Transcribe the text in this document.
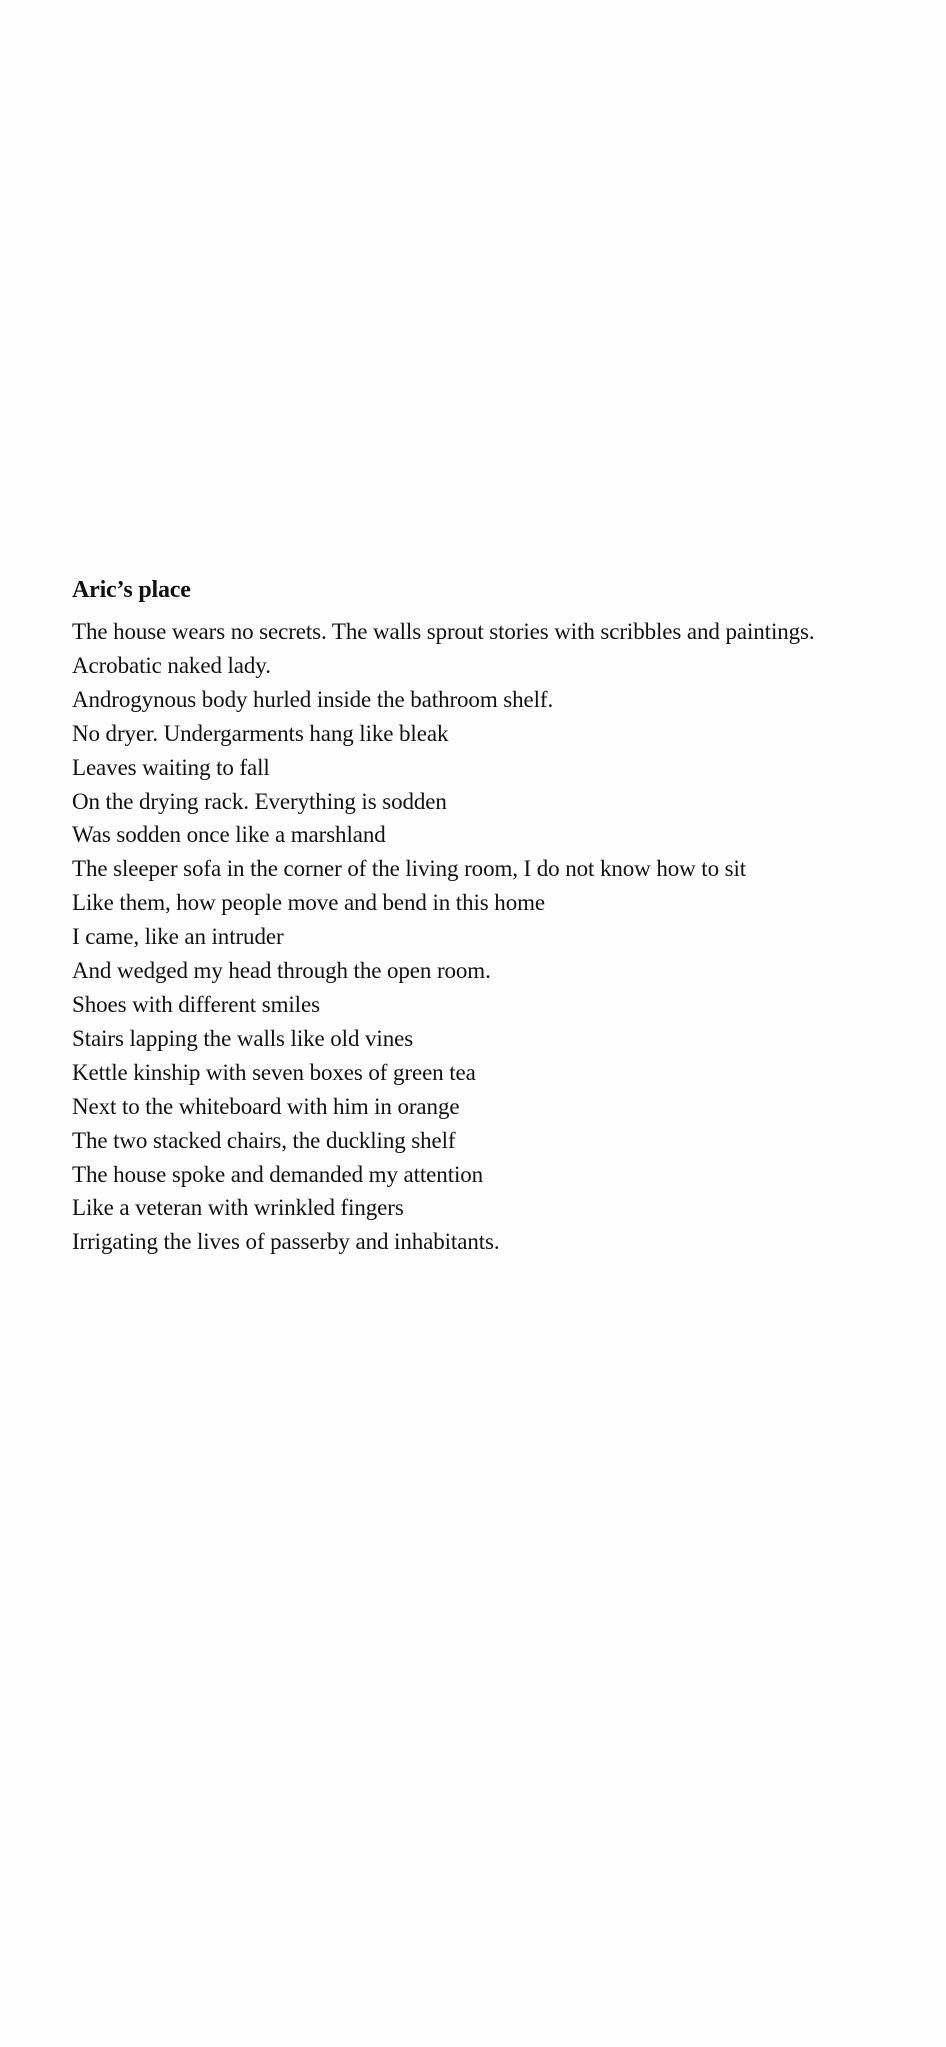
Aric’s place
The house wears no secrets. The walls sprout stories with scribbles and paintings.
Acrobatic naked lady.
Androgynous body hurled inside the bathroom shelf.
No dryer. Undergarments hang like bleak
Leaves waiting to fall
On the drying rack. Everything is sodden
Was sodden once like a marshland
The sleeper sofa in the corner of the living room, I do not know how to sit
Like them, how people move and bend in this home
I came, like an intruder
And wedged my head through the open room.
Shoes with different smiles
Stairs lapping the walls like old vines
Kettle kinship with seven boxes of green tea
Next to the whiteboard with him in orange
The two stacked chairs, the duckling shelf
The house spoke and demanded my attention
Like a veteran with wrinkled fingers
Irrigating the lives of passerby and inhabitants.
